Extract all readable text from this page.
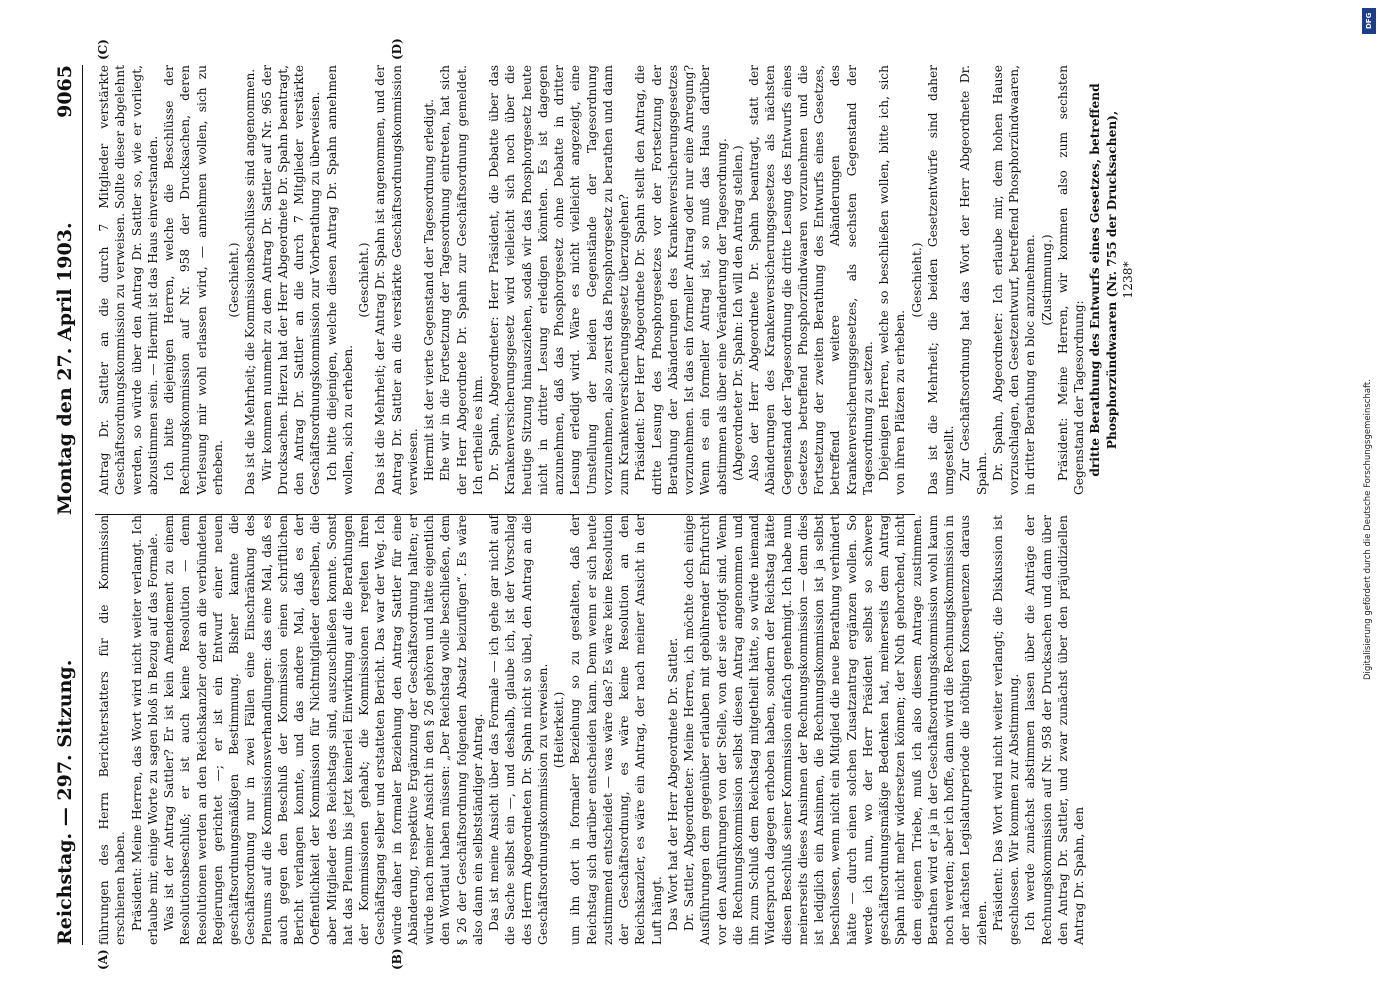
Reichstag. — 297. Sitzung.
Montag den 27. April 1903.
9065
(A)	(B)
(C)	(D)

führungen des Herrn Berichterstatters für die Kommission erschienen haben. Präsident: Meine Herren, das Wort wird nicht weiter verlangt. Ich erlaube mir, einige Worte zu sagen bloß in Bezug auf das Formale. Was ist der Antrag Sattler? Er ist kein Amendement zu einem Resolutionsbeschluß; er ist auch keine Resolution — denn Resolutionen werden an den Reichskanzler oder an die verbündeten Regierungen gerichtet —; er ist ein Entwurf einer neuen geschäftsordnungsmäßigen Bestimmung. Bisher kannte die Geschäftsordnung nur in zwei Fällen eine Einschränkung des Plenums auf die Kommissionsverhandlungen: das eine Mal, daß es auch gegen den Beschluß der Kommission einen schriftlichen Bericht verlangen konnte, und das andere Mal, daß es der Oeffentlichkeit der Kommission für Nichtmitglieder derselben, die aber Mitglieder des Reichstags sind, auszuschließen konnte. Sonst hat das Plenum bis jetzt keinerlei Einwirkung auf die Berathungen der Kommissionen gehabt; die Kommissionen regelten ihren Geschäftsgang selber und erstatteten Bericht. Das war der Weg. Ich würde daher in formaler Beziehung den Antrag Sattler für eine Abänderung, respektive Ergänzung der Geschäftsordnung halten; er würde nach meiner Ansicht in den § 26 gehören und hätte eigentlich den Wortlaut haben müssen: „Der Reichstag wolle beschließen, dem § 26 der Geschäftsordnung folgenden Absatz beizufügen“. Es wäre also dann ein selbstständiger Antrag. Das ist meine Ansicht über das Formale — ich gehe gar nicht auf die Sache selbst ein —, und deshalb, glaube ich, ist der Vorschlag des Herrn Abgeordneten Dr. Spahn nicht so übel, den Antrag an die Geschäftsordnungskommission zu verweisen. (Heiterkeit.) um ihn dort in formaler Beziehung so zu gestalten, daß der Reichstag sich darüber entscheiden kann. Denn wenn er sich heute zustimmend entscheidet — was wäre das? Es wäre keine Resolution der Geschäftsordnung, es wäre keine Resolution an den Reichskanzler, es wäre ein Antrag, der nach meiner Ansicht in der Luft hängt. Das Wort hat der Herr Abgeordnete Dr. Sattler. Dr. Sattler, Abgeordneter: Meine Herren, ich möchte doch einige Ausführungen dem gegenüber erlauben mit gebührender Ehrfurcht vor den Ausführungen von der Stelle, von der sie erfolgt sind. Wenn die Rechnungskommission selbst diesen Antrag angenommen und ihn zum Schluß dem Reichstag mitgetheilt hätte, so würde niemand Widerspruch dagegen erhoben haben, sondern der Reichstag hätte diesen Beschluß seiner Kommission einfach genehmigt. Ich habe nun meinerseits dieses Ansinnen der Rechnungskommission — denn dies ist lediglich ein Ansinnen, die Rechnungskommission ist ja selbst beschlossen, wenn nicht ein Mitglied die neue Berathung verhindert hätte — durch einen solchen Zusatzantrag ergänzen wollen. So werde ich nun, wo der Herr Präsident selbst so schwere geschäftsordnungsmäßige Bedenken hat, meinerseits dem Antrag Spahn nicht mehr widersetzen können; der Noth gehorchend, nicht dem eigenen Triebe, muß ich also diesem Antrage zustimmen. Berathen wird er ja in der Geschäftsordnungskommission wohl kaum noch werden; aber ich hoffe, dann wird die Rechnungskommission in der nächsten Legislaturperiode die nöthigen Konsequenzen daraus ziehen. Präsident: Das Wort wird nicht weiter verlangt; die Diskussion ist geschlossen. Wir kommen zur Abstimmung. Ich werde zunächst abstimmen lassen über die Anträge der Rechnungskommission auf Nr. 958 der Drucksachen und dann über den Antrag Dr. Sattler, und zwar zunächst über den präjudiziellen Antrag Dr. Spahn, den

Antrag Dr. Sattler an die durch 7 Mitglieder verstärkte Geschäftsordnungskommission zu verweisen. Sollte dieser abgelehnt werden, so würde über den Antrag Dr. Sattler so, wie er vorliegt, abzustimmen sein. — Hiermit ist das Haus einverstanden. Ich bitte diejenigen Herren, welche die Beschlüsse der Rechnungskommission auf Nr. 958 der Drucksachen, deren Verlesung mir wohl erlassen wird, — annehmen wollen, sich zu erheben.

(Geschieht.) Das ist die Mehrheit; die Kommissionsbeschlüsse sind angenommen. Wir kommen nunmehr zu dem Antrag Dr. Sattler auf Nr. 965 der Drucksachen. Hierzu hat der Herr Abgeordnete Dr. Spahn beantragt, den Antrag Dr. Sattler an die durch 7 Mitglieder verstärkte Geschäftsordnungskommission zur Vorberathung zu überweisen. Ich bitte diejenigen, welche diesen Antrag Dr. Spahn annehmen wollen, sich zu erheben.

(Geschieht.) Das ist die Mehrheit; der Antrag Dr. Spahn ist angenommen, und der Antrag Dr. Sattler an die verstärkte Geschäftsordnungskommission verwiesen. Hiermit ist der vierte Gegenstand der Tagesordnung erledigt. Ehe wir in die Fortsetzung der Tagesordnung eintreten, hat sich der Herr Abgeordnete Dr. Spahn zur Geschäftsordnung gemeldet. Ich ertheile es ihm. Dr. Spahn, Abgeordneter: Herr Präsident, die Debatte über das Krankenversicherungsgesetz wird vielleicht sich noch über die heutige Sitzung hinausziehen, sodaß wir das Phosphorgesetz heute nicht in dritter Lesung erledigen könnten. Es ist dagegen anzunehmen, daß das Phosphorgesetz ohne Debatte in dritter Lesung erledigt wird. Wäre es nicht vielleicht angezeigt, eine Umstellung der beiden Gegenstände der Tagesordnung vorzunehmen, also zuerst das Phosphorgesetz zu berathen und dann zum Krankenversicherungsgesetz überzugehen? Präsident: Der Herr Abgeordnete Dr. Spahn stellt den Antrag, die dritte Lesung des Phosphorgesetzes vor der Fortsetzung der Berathung der Abänderungen des Krankenversicherungsgesetzes vorzunehmen. Ist das ein formeller Antrag oder nur eine Anregung? Wenn es ein formeller Antrag ist, so muß das Haus darüber abstimmen als über eine Veränderung der Tagesordnung. (Abgeordneter Dr. Spahn: Ich will den Antrag stellen.) Also der Herr Abgeordnete Dr. Spahn beantragt, statt der Abänderungen des Krankenversicherungsgesetzes als nächsten Gegenstand der Tagesordnung die dritte Lesung des Entwurfs eines Gesetzes betreffend Phosphorzündwaaren vorzunehmen und die Fortsetzung der zweiten Berathung des Entwurfs eines Gesetzes, betreffend weitere Abänderungen des Krankenversicherungsgesetzes, als sechsten Gegenstand der Tagesordnung zu setzen. Diejenigen Herren, welche so beschließen wollen, bitte ich, sich von ihren Plätzen zu erheben.

(Geschieht.) Das ist die Mehrheit; die beiden Gesetzentwürfe sind daher umgestellt. Zur Geschäftsordnung hat das Wort der Herr Abgeordnete Dr. Spahn. Dr. Spahn, Abgeordneter: Ich erlaube mir, dem hohen Hause vorzuschlagen, den Gesetzentwurf, betreffend Phosphorzündwaaren, in dritter Berathung en bloc anzunehmen. (Zustimmung.) Präsident: Meine Herren, wir kommen also zum sechsten Gegenstand der Tagesordnung: dritte Berathung des Entwurfs eines Gesetzes, betreffend Phosphorzündwaaren (Nr. 755 der Drucksachen), 1238*

DFG
Digitalisierung gefördert durch die Deutsche Forschungsgemeinschaft.
